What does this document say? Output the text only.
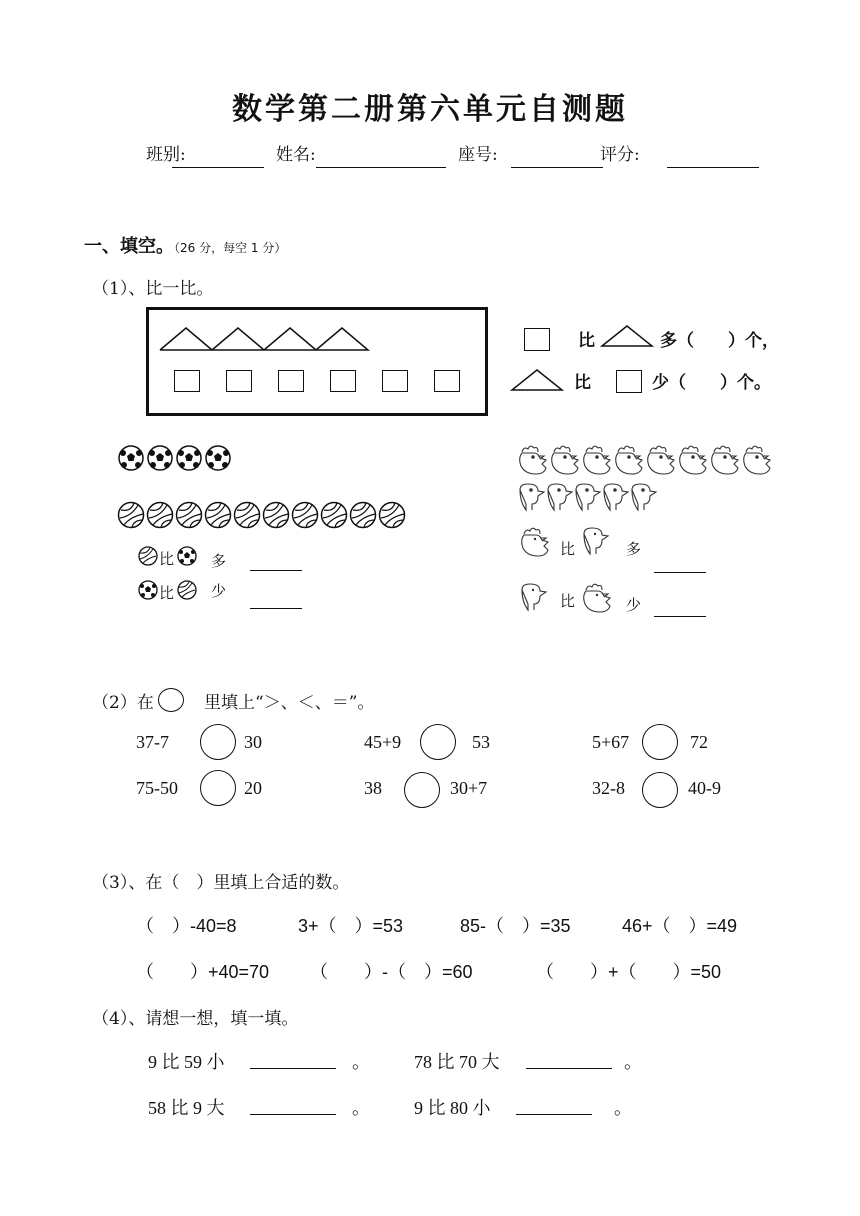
数学第二册第六单元自测题
班别:	姓名:	座号:	评分:
一、填空。（26 分，每空 1 分）
（1）、比一比。
比	多（　　）个，
比	少（　　）个。
比 多
比 少
比	多
比	少
（2）在	里填上“＞、＜、＝”。
37-7	30	45+9	53	5+67	72
75-50	20	38	30+7	32-8	40-9
（3）、在（　）里填上合适的数。
（　）-40=8	3+（　）=53	85-（　）=35	46+（　）=49
（　　）+40=70 （　　）-（　）=60	（　　）+（　　）=50
（4）、请想一想，填一填。
9 比 59 小	。 78 比 70 大	。
58 比 9 大	。 9 比 80 小	。
